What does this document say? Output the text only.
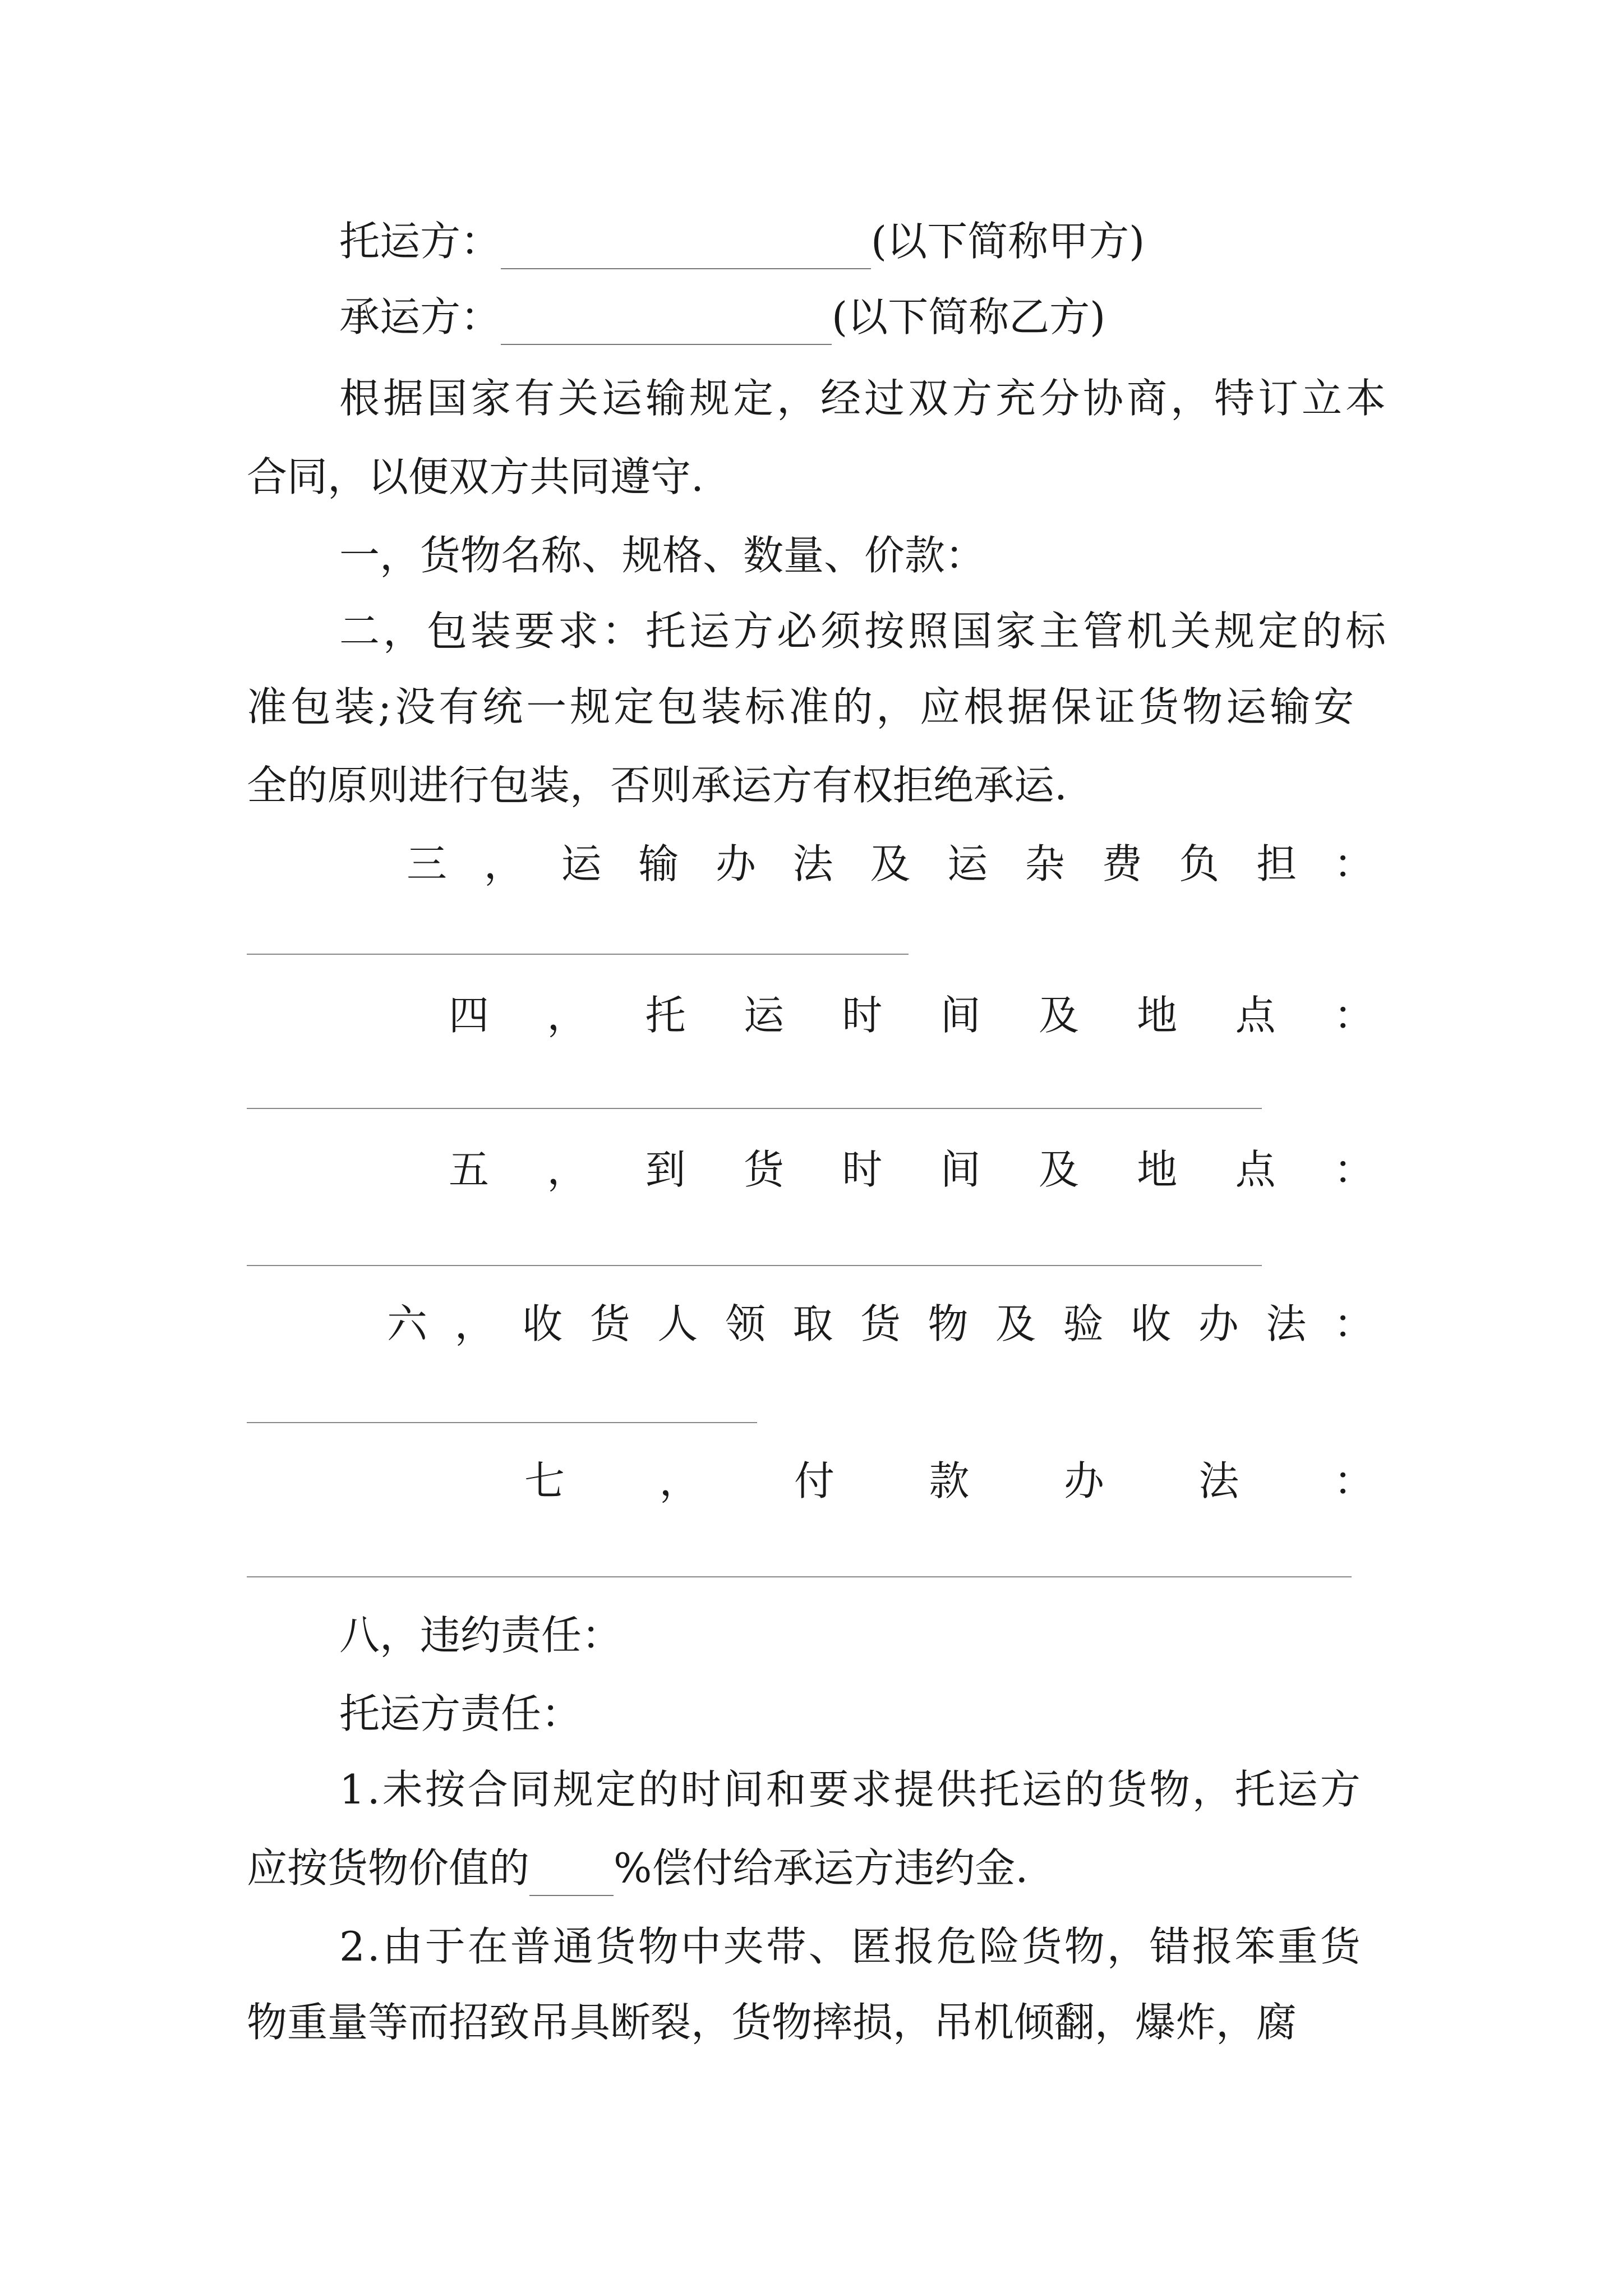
托运方：	(以下简称甲方)
承运方：	(以下简称乙方)
根据国家有关运输规定，经过双方充分协商，特订立本
合同，以便双方共同遵守.
一，货物名称、规格、数量、价款：
二，包装要求：托运方必须按照国家主管机关规定的标
准包装;没有统一规定包装标准的，应根据保证货物运输安
全的原则进行包装，否则承运方有权拒绝承运.
三 ， 运 输 办 法 及 运 杂 费 负 担 ：
四 ， 托 运 时 间 及 地 点 ：
五 ， 到 货 时 间 及 地 点 ：
六 ， 收 货 人 领 取 货 物 及 验 收 办 法 ：
七 ， 付 款 办 法 ：
八，违约责任：
托运方责任：
1.未按合同规定的时间和要求提供托运的货物，托运方
应按货物价值的 %偿付给承运方违约金.
2.由于在普通货物中夹带、匿报危险货物，错报笨重货
物重量等而招致吊具断裂，货物摔损，吊机倾翻，爆炸，腐
